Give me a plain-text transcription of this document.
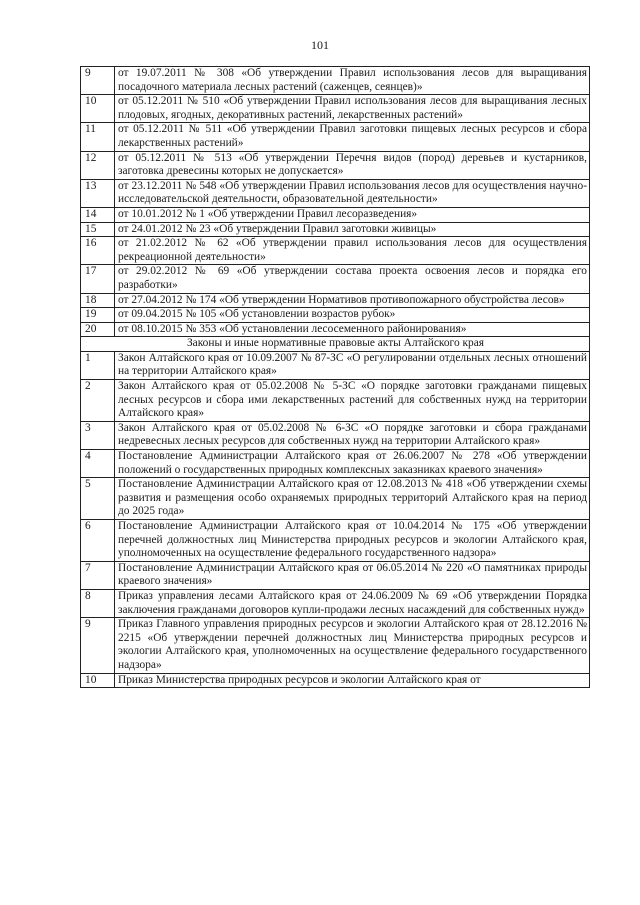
101
9	от 19.07.2011 № 308 «Об утверждении Правил использования лесов для выращивания посадочного материала лесных растений (саженцев, сеянцев)»
10	от 05.12.2011 № 510 «Об утверждении Правил использования лесов для выращивания лесных плодовых, ягодных, декоративных растений, лекарственных растений»
11	от 05.12.2011 № 511 «Об утверждении Правил заготовки пищевых лесных ресурсов и сбора лекарственных растений»
12	от 05.12.2011 № 513 «Об утверждении Перечня видов (пород) деревьев и кустарников, заготовка древесины которых не допускается»
13	от 23.12.2011 № 548 «Об утверждении Правил использования лесов для осуществления научно-исследовательской деятельности, образовательной деятельности»
14	от 10.01.2012 № 1 «Об утверждении Правил лесоразведения»
15	от 24.01.2012 № 23 «Об утверждении Правил заготовки живицы»
16	от 21.02.2012 № 62 «Об утверждении правил использования лесов для осуществления рекреационной деятельности»
17	от 29.02.2012 № 69 «Об утверждении состава проекта освоения лесов и порядка его разработки»
18	от 27.04.2012 № 174 «Об утверждении Нормативов противопожарного обустройства лесов»
19	от 09.04.2015 № 105 «Об установлении возрастов рубок»
20	от 08.10.2015 № 353 «Об установлении лесосеменного районирования»
Законы и иные нормативные правовые акты Алтайского края	
1	Закон Алтайского края от 10.09.2007 № 87-ЗС «О регулировании отдельных лесных отношений на территории Алтайского края»
2	Закон Алтайского края от 05.02.2008 № 5-ЗС «О порядке заготовки гражданами пищевых лесных ресурсов и сбора ими лекарственных растений для собственных нужд на территории Алтайского края»
3	Закон Алтайского края от 05.02.2008 № 6-ЗС «О порядке заготовки и сбора гражданами недревесных лесных ресурсов для собственных нужд на территории Алтайского края»
4	Постановление Администрации Алтайского края от 26.06.2007 № 278 «Об утверждении положений о государственных природных комплексных заказниках краевого значения»
5	Постановление Администрации Алтайского края от 12.08.2013 № 418 «Об утверждении схемы развития и размещения особо охраняемых природных территорий Алтайского края на период до 2025 года»
6	Постановление Администрации Алтайского края от 10.04.2014 № 175 «Об утверждении перечней должностных лиц Министерства природных ресурсов и экологии Алтайского края, уполномоченных на осуществление федерального государственного надзора»
7	Постановление Администрации Алтайского края от 06.05.2014 № 220 «О памятниках природы краевого значения»
8	Приказ управления лесами Алтайского края от 24.06.2009 № 69 «Об утверждении Порядка заключения гражданами договоров купли-продажи лесных насаждений для собственных нужд»
9	Приказ Главного управления природных ресурсов и экологии Алтайского края от 28.12.2016 № 2215 «Об утверждении перечней должностных лиц Министерства природных ресурсов и экологии Алтайского края, уполномоченных на осуществление федерального государственного надзора»
10	Приказ Министерства природных ресурсов и экологии Алтайского края от
